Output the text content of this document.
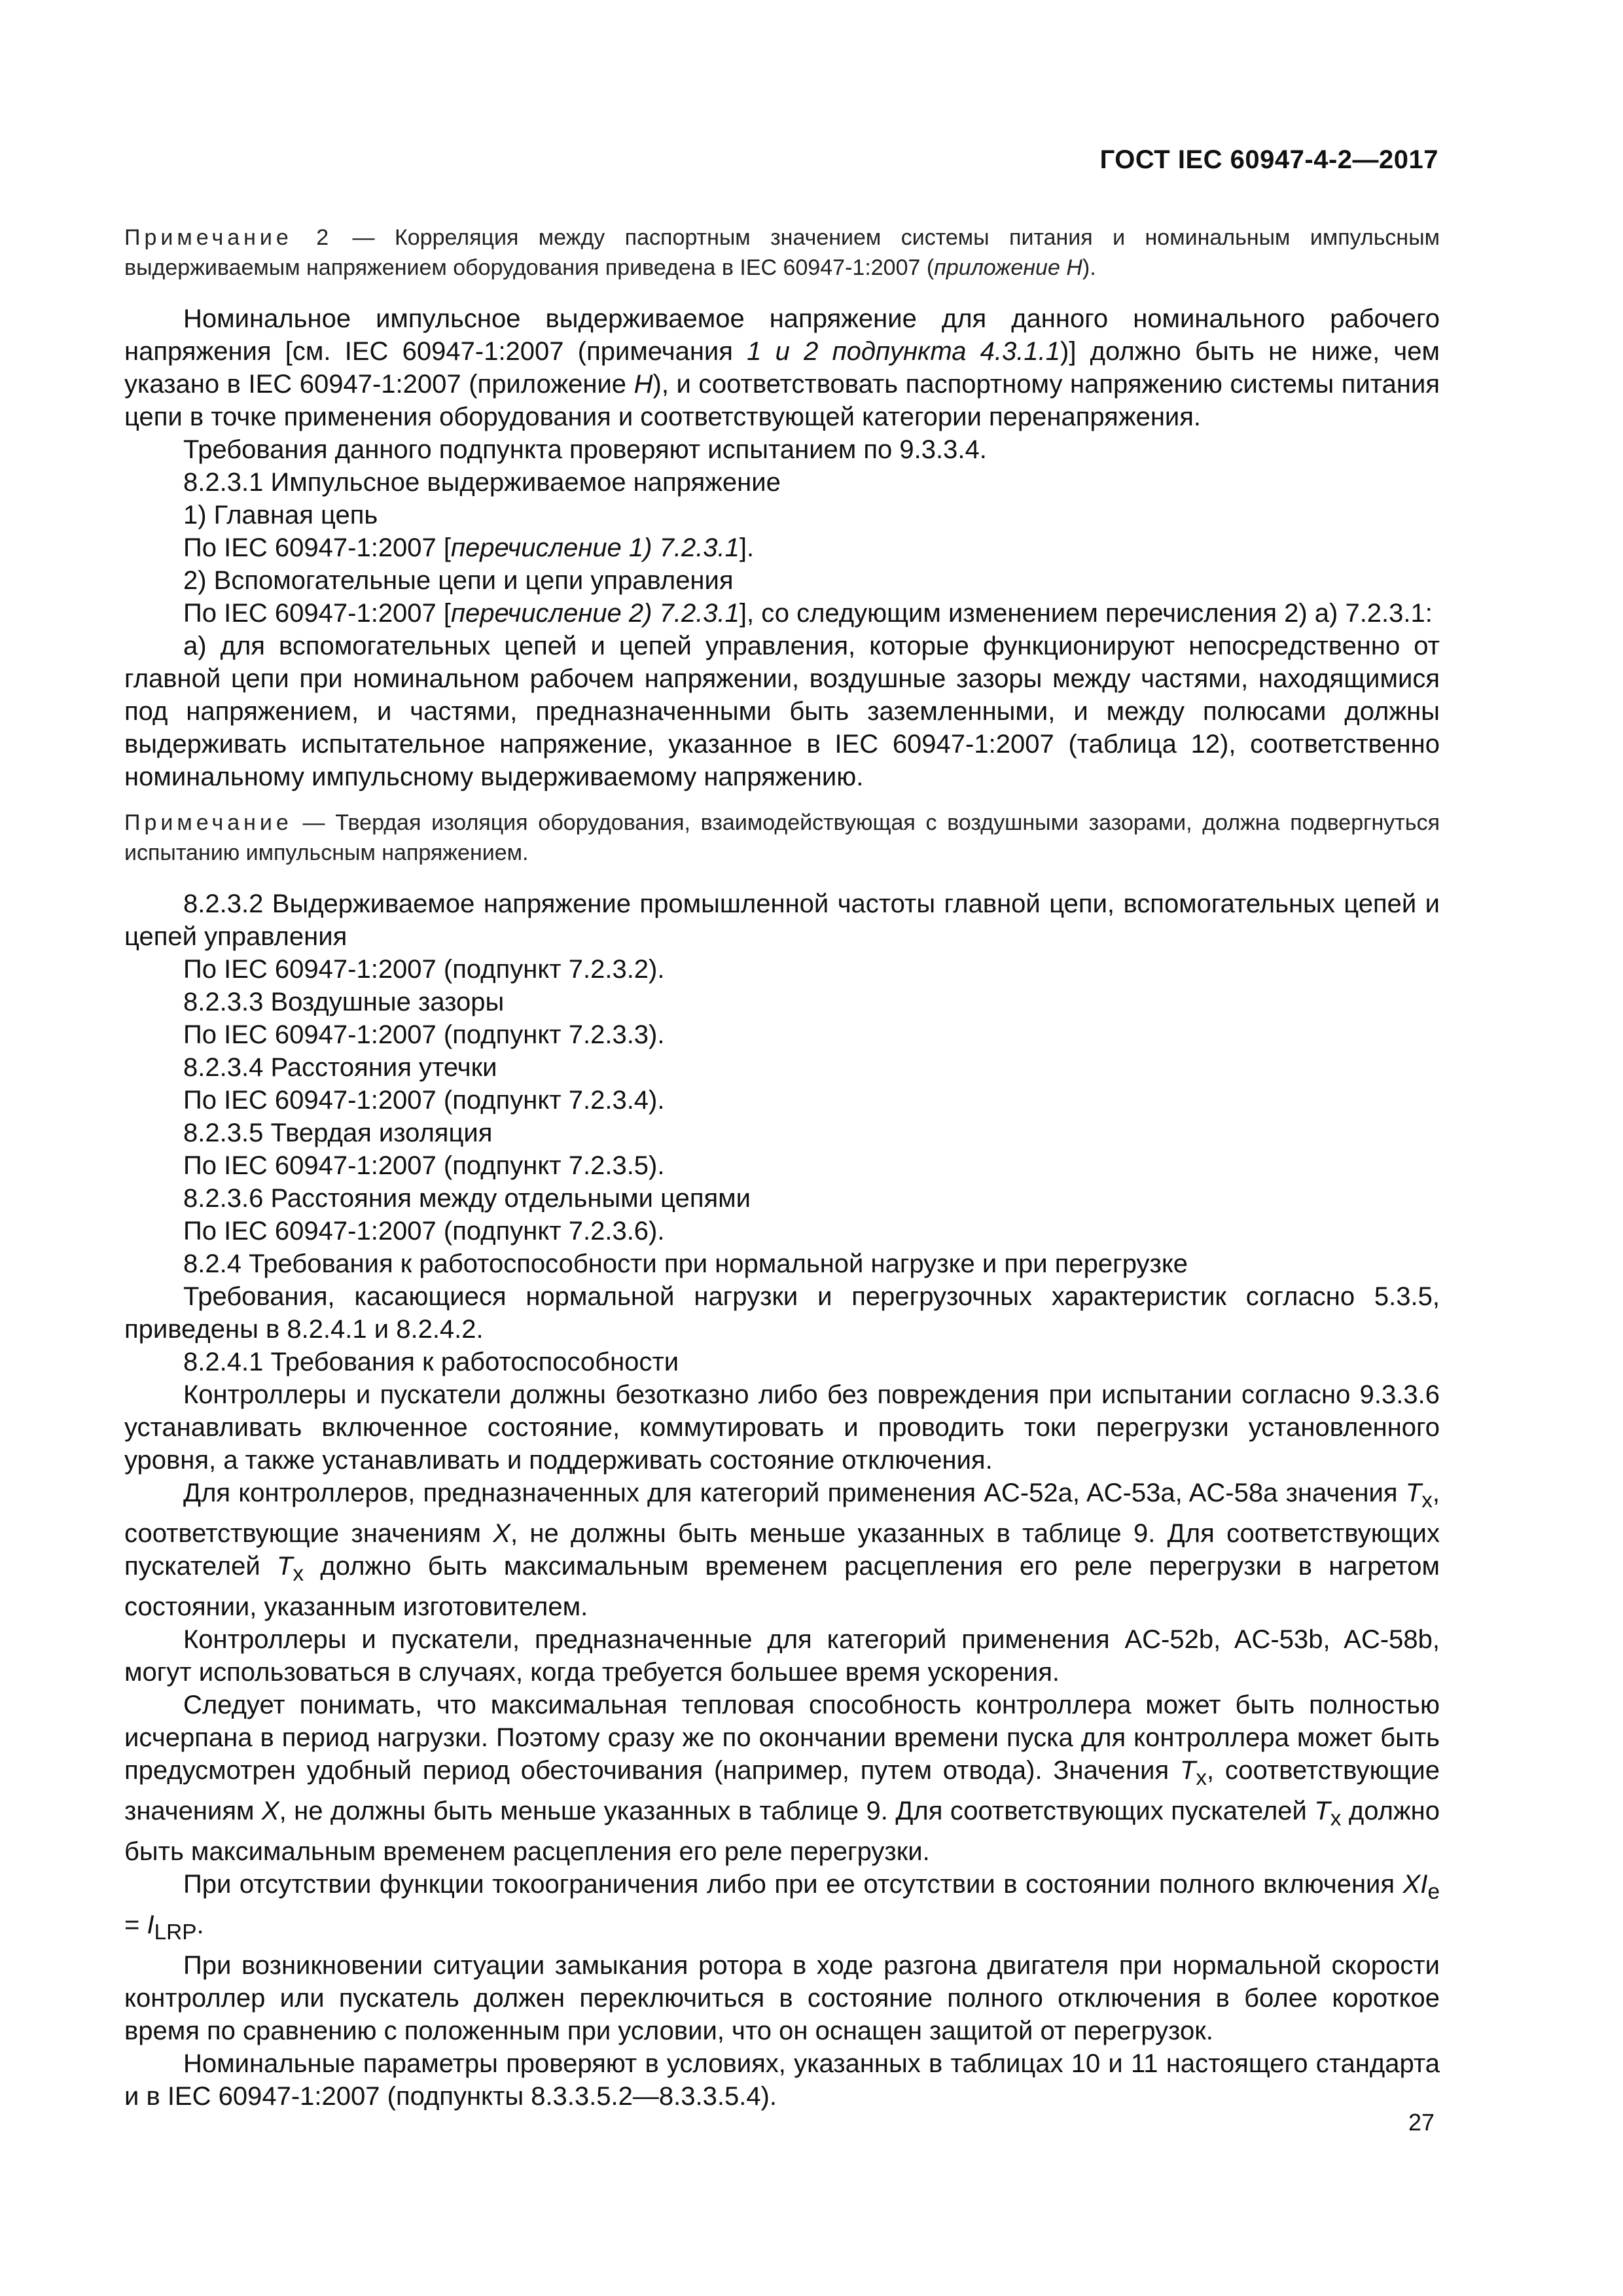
ГОСТ IEC 60947-4-2—2017
Примечание 2 — Корреляция между паспортным значением системы питания и номинальным импульсным выдерживаемым напряжением оборудования приведена в IEC 60947-1:2007 (приложение H).
Номинальное импульсное выдерживаемое напряжение для данного номинального рабочего напряжения [см. IEC 60947-1:2007 (примечания 1 и 2 подпункта 4.3.1.1)] должно быть не ниже, чем указано в IEC 60947-1:2007 (приложение H), и соответствовать паспортному напряжению системы питания цепи в точке применения оборудования и соответствующей категории перенапряжения.
Требования данного подпункта проверяют испытанием по 9.3.3.4.
8.2.3.1 Импульсное выдерживаемое напряжение
1) Главная цепь
По IEC 60947-1:2007 [перечисление 1) 7.2.3.1].
2) Вспомогательные цепи и цепи управления
По IEC 60947-1:2007 [перечисление 2) 7.2.3.1], со следующим изменением перечисления 2) а) 7.2.3.1:
а) для вспомогательных цепей и цепей управления, которые функционируют непосредственно от главной цепи при номинальном рабочем напряжении, воздушные зазоры между частями, находящимися под напряжением, и частями, предназначенными быть заземленными, и между полюсами должны выдерживать испытательное напряжение, указанное в IEC 60947-1:2007 (таблица 12), соответственно номинальному импульсному выдерживаемому напряжению.
Примечание — Твердая изоляция оборудования, взаимодействующая с воздушными зазорами, должна подвергнуться испытанию импульсным напряжением.
8.2.3.2 Выдерживаемое напряжение промышленной частоты главной цепи, вспомогательных цепей и цепей управления
По IEC 60947-1:2007 (подпункт 7.2.3.2).
8.2.3.3 Воздушные зазоры
По IEC 60947-1:2007 (подпункт 7.2.3.3).
8.2.3.4 Расстояния утечки
По IEC 60947-1:2007 (подпункт 7.2.3.4).
8.2.3.5 Твердая изоляция
По IEC 60947-1:2007 (подпункт 7.2.3.5).
8.2.3.6 Расстояния между отдельными цепями
По IEC 60947-1:2007 (подпункт 7.2.3.6).
8.2.4 Требования к работоспособности при нормальной нагрузке и при перегрузке
Требования, касающиеся нормальной нагрузки и перегрузочных характеристик согласно 5.3.5, приведены в 8.2.4.1 и 8.2.4.2.
8.2.4.1 Требования к работоспособности
Контроллеры и пускатели должны безотказно либо без повреждения при испытании согласно 9.3.3.6 устанавливать включенное состояние, коммутировать и проводить токи перегрузки установленного уровня, а также устанавливать и поддерживать состояние отключения.
Для контроллеров, предназначенных для категорий применения AC-52a, AC-53a, AC-58a значения $T_x$, соответствующие значениям X, не должны быть меньше указанных в таблице 9. Для соответствующих пускателей $T_x$ должно быть максимальным временем расцепления его реле перегрузки в нагретом состоянии, указанным изготовителем.
Контроллеры и пускатели, предназначенные для категорий применения AC-52b, AC-53b, AC-58b, могут использоваться в случаях, когда требуется большее время ускорения.
Следует понимать, что максимальная тепловая способность контроллера может быть полностью исчерпана в период нагрузки. Поэтому сразу же по окончании времени пуска для контроллера может быть предусмотрен удобный период обесточивания (например, путем отвода). Значения $T_x$, соответствующие значениям X, не должны быть меньше указанных в таблице 9. Для соответствующих пускателей $T_x$ должно быть максимальным временем расцепления его реле перегрузки.
При отсутствии функции токоограничения либо при ее отсутствии в состоянии полного включения $XI_e = I_{LRP}$.
При возникновении ситуации замыкания ротора в ходе разгона двигателя при нормальной скорости контроллер или пускатель должен переключиться в состояние полного отключения в более короткое время по сравнению с положенным при условии, что он оснащен защитой от перегрузок.
Номинальные параметры проверяют в условиях, указанных в таблицах 10 и 11 настоящего стандарта и в IEC 60947-1:2007 (подпункты 8.3.3.5.2—8.3.3.5.4).
27
